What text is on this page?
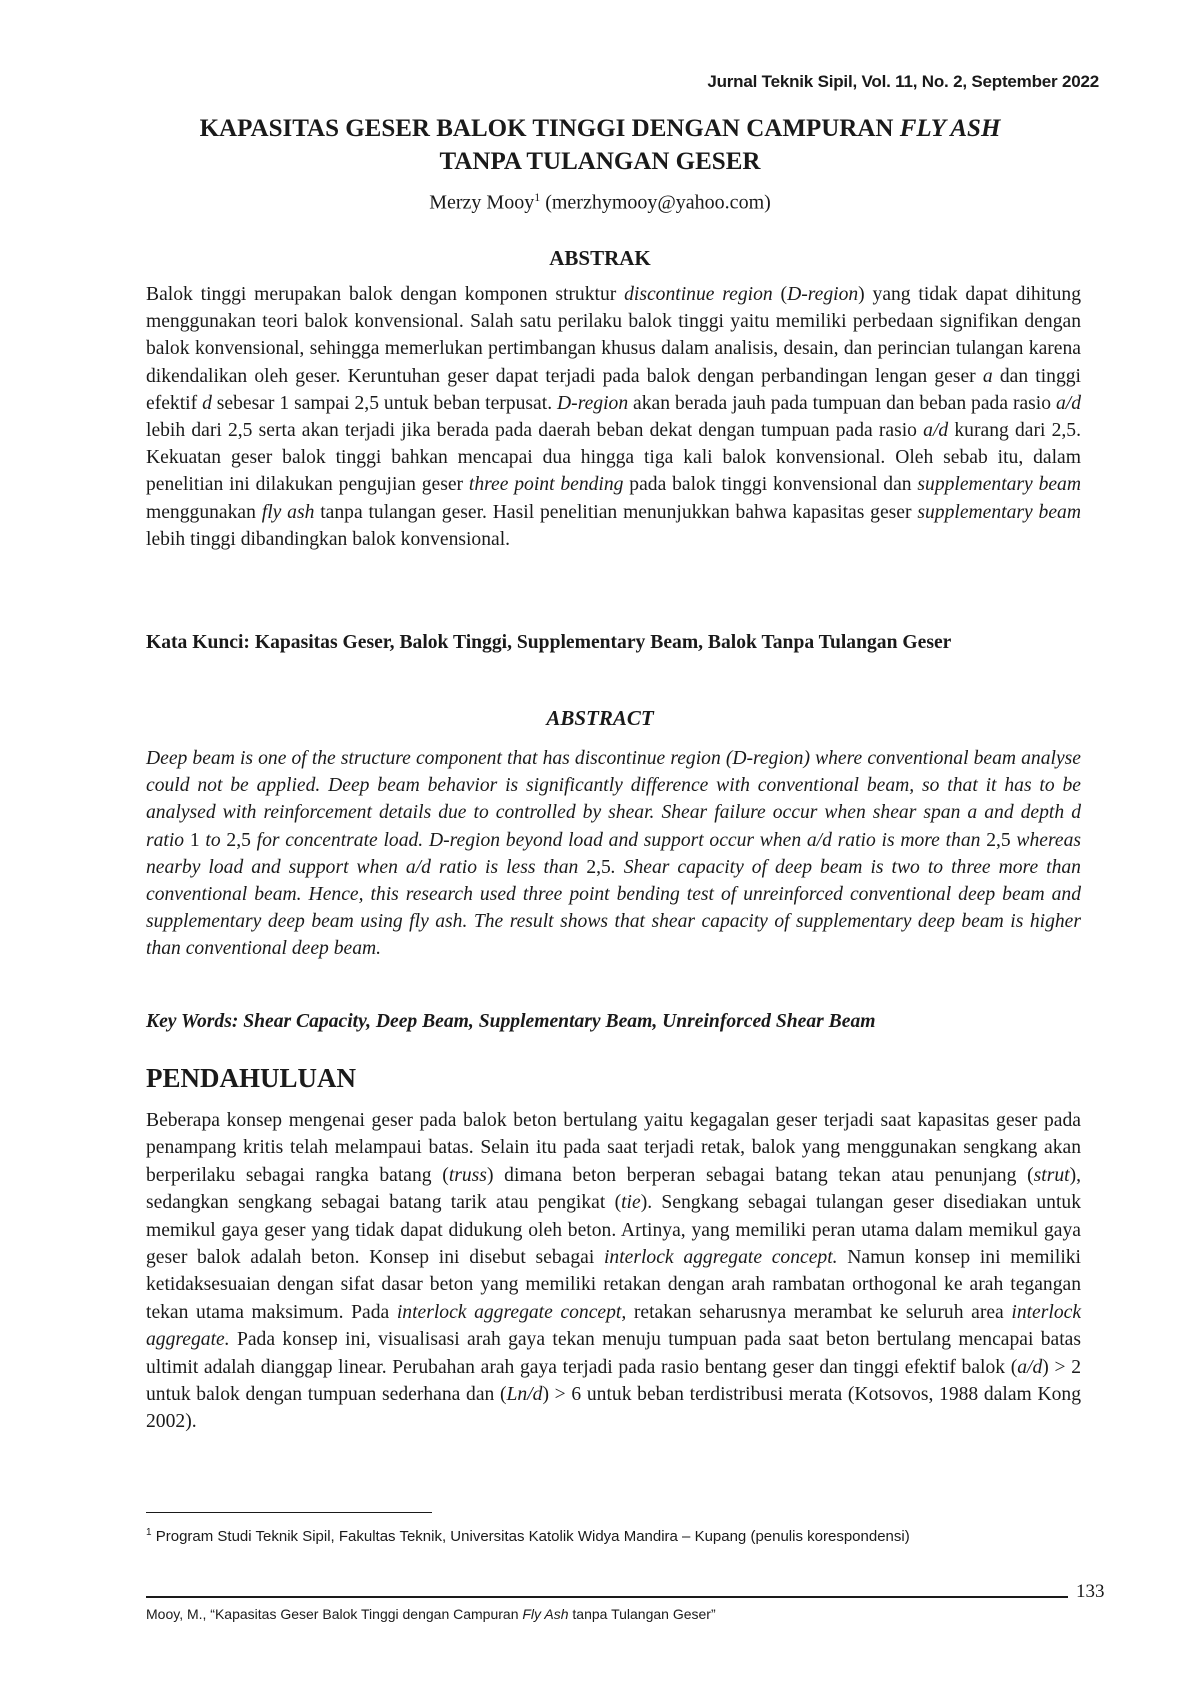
Jurnal Teknik Sipil, Vol. 11, No. 2, September 2022
KAPASITAS GESER BALOK TINGGI DENGAN CAMPURAN FLY ASH
TANPA TULANGAN GESER
Merzy Mooy$^1$ (merzhymooy@yahoo.com)
ABSTRAK
Balok tinggi merupakan balok dengan komponen struktur discontinue region (D-region) yang tidak dapat dihitung menggunakan teori balok konvensional. Salah satu perilaku balok tinggi yaitu memiliki perbedaan signifikan dengan balok konvensional, sehingga memerlukan pertimbangan khusus dalam analisis, desain, dan perincian tulangan karena dikendalikan oleh geser. Keruntuhan geser dapat terjadi pada balok dengan perbandingan lengan geser a dan tinggi efektif d sebesar 1 sampai 2,5 untuk beban terpusat. D-region akan berada jauh pada tumpuan dan beban pada rasio a/d lebih dari 2,5 serta akan terjadi jika berada pada daerah beban dekat dengan tumpuan pada rasio a/d kurang dari 2,5. Kekuatan geser balok tinggi bahkan mencapai dua hingga tiga kali balok konvensional. Oleh sebab itu, dalam penelitian ini dilakukan pengujian geser three point bending pada balok tinggi konvensional dan supplementary beam menggunakan fly ash tanpa tulangan geser. Hasil penelitian menunjukkan bahwa kapasitas geser supplementary beam lebih tinggi dibandingkan balok konvensional.
Kata Kunci: Kapasitas Geser, Balok Tinggi, Supplementary Beam, Balok Tanpa Tulangan Geser
ABSTRACT
Deep beam is one of the structure component that has discontinue region (D-region) where conventional beam analyse could not be applied. Deep beam behavior is significantly difference with conventional beam, so that it has to be analysed with reinforcement details due to controlled by shear. Shear failure occur when shear span a and depth d ratio 1 to 2,5 for concentrate load. D-region beyond load and support occur when a/d ratio is more than 2,5 whereas nearby load and support when a/d ratio is less than 2,5. Shear capacity of deep beam is two to three more than conventional beam. Hence, this research used three point bending test of unreinforced conventional deep beam and supplementary deep beam using fly ash. The result shows that shear capacity of supplementary deep beam is higher than conventional deep beam.
Key Words: Shear Capacity, Deep Beam, Supplementary Beam, Unreinforced Shear Beam
PENDAHULUAN
Beberapa konsep mengenai geser pada balok beton bertulang yaitu kegagalan geser terjadi saat kapasitas geser pada penampang kritis telah melampaui batas. Selain itu pada saat terjadi retak, balok yang menggunakan sengkang akan berperilaku sebagai rangka batang (truss) dimana beton berperan sebagai batang tekan atau penunjang (strut), sedangkan sengkang sebagai batang tarik atau pengikat (tie). Sengkang sebagai tulangan geser disediakan untuk memikul gaya geser yang tidak dapat didukung oleh beton. Artinya, yang memiliki peran utama dalam memikul gaya geser balok adalah beton. Konsep ini disebut sebagai interlock aggregate concept. Namun konsep ini memiliki ketidaksesuaian dengan sifat dasar beton yang memiliki retakan dengan arah rambatan orthogonal ke arah tegangan tekan utama maksimum. Pada interlock aggregate concept, retakan seharusnya merambat ke seluruh area interlock aggregate. Pada konsep ini, visualisasi arah gaya tekan menuju tumpuan pada saat beton bertulang mencapai batas ultimit adalah dianggap linear. Perubahan arah gaya terjadi pada rasio bentang geser dan tinggi efektif balok (a/d) > 2 untuk balok dengan tumpuan sederhana dan (Ln/d) > 6 untuk beban terdistribusi merata (Kotsovos, 1988 dalam Kong 2002).
$^1$ Program Studi Teknik Sipil, Fakultas Teknik, Universitas Katolik Widya Mandira – Kupang (penulis korespondensi)
133
Mooy, M., “Kapasitas Geser Balok Tinggi dengan Campuran Fly Ash tanpa Tulangan Geser”
